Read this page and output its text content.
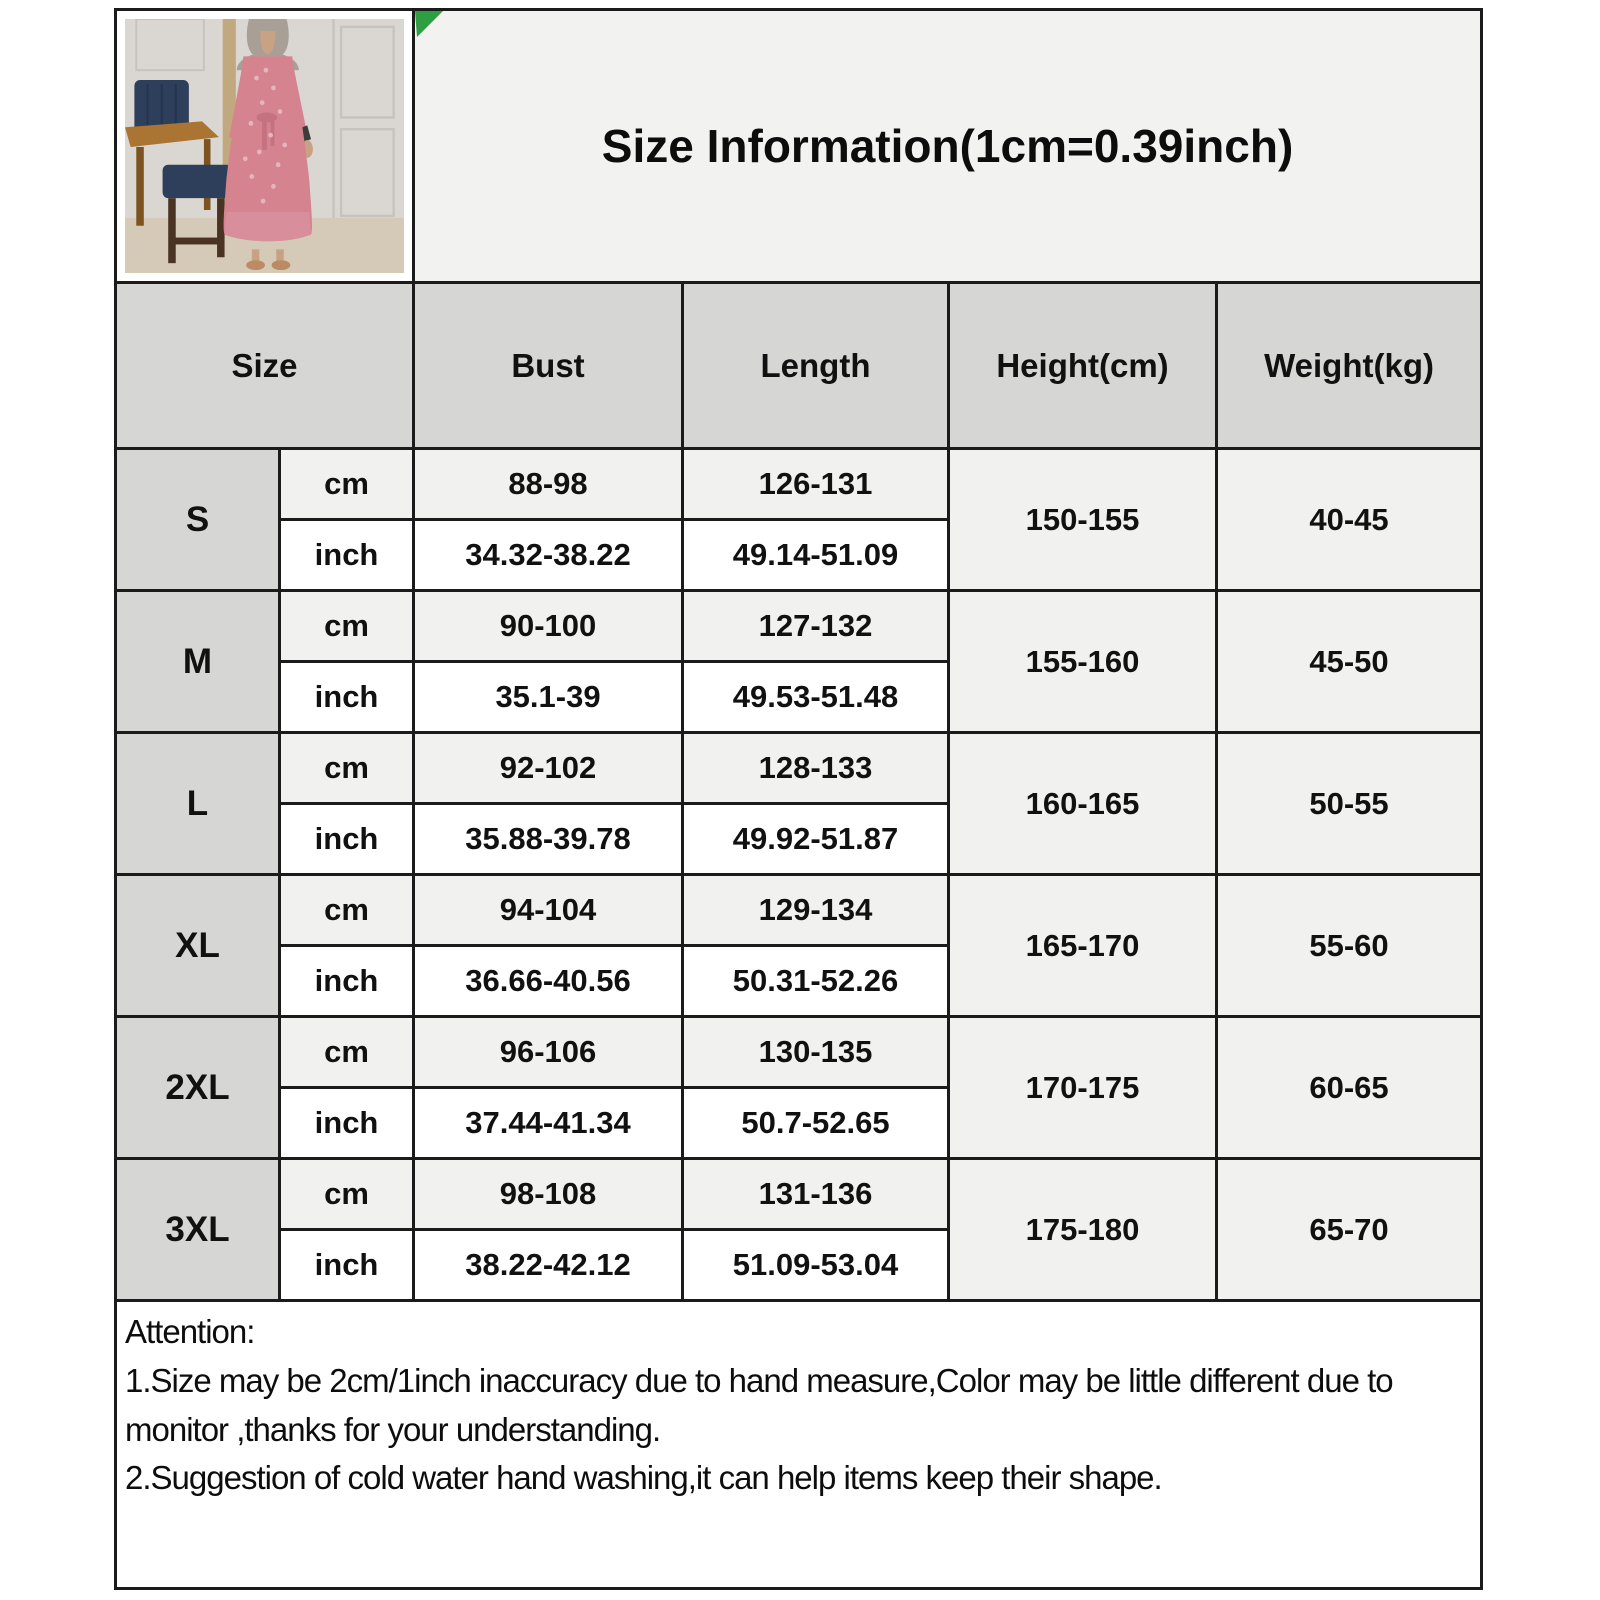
Size Information(1cm=0.39inch)			

Size		Bust	Length	Height(cm)	Weight(kg)
S	cm	88-98	126-131	150-155	40-45
	inch	34.32-38.22	49.14-51.09		
M	cm	90-100	127-132	155-160	45-50
	inch	35.1-39	49.53-51.48		
L	cm	92-102	128-133	160-165	50-55
	inch	35.88-39.78	49.92-51.87		
XL	cm	94-104	129-134	165-170	55-60
	inch	36.66-40.56	50.31-52.26		
2XL	cm	96-106	130-135	170-175	60-65
	inch	37.44-41.34	50.7-52.65		
3XL	cm	98-108	131-136	175-180	65-70
	inch	38.22-42.12	51.09-53.04		

Attention:

1.Size may be 2cm/1inch inaccuracy due to hand measure,Color may be little different due to monitor ,thanks for your understanding.

2.Suggestion of cold water hand washing,it can help items keep their shape.					
